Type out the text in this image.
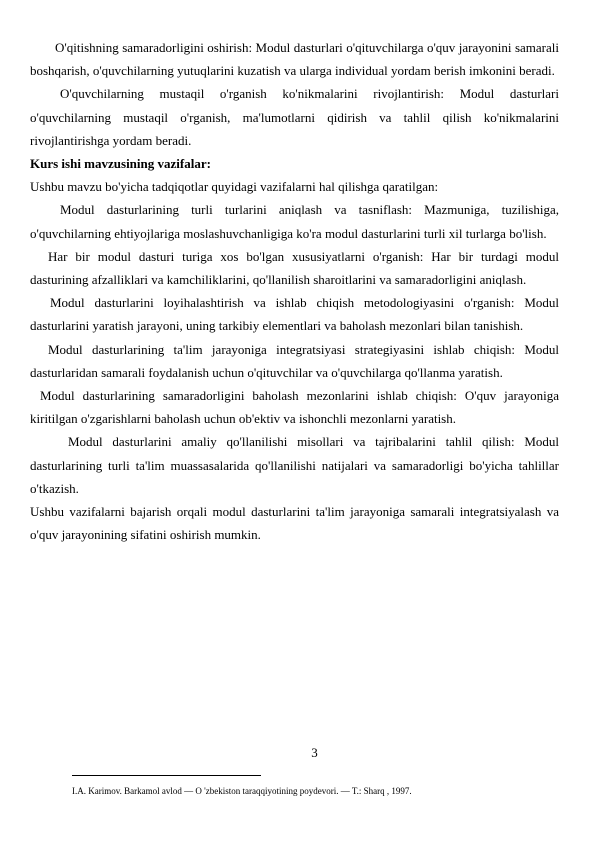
O'qitishning samaradorligini oshirish: Modul dasturlari o'qituvchilarga o'quv jarayonini samarali boshqarish, o'quvchilarning yutuqlarini kuzatish va ularga individual yordam berish imkonini beradi.

O'quvchilarning mustaqil o'rganish ko'nikmalarini rivojlantirish: Modul dasturlari o'quvchilarning mustaqil o'rganish, ma'lumotlarni qidirish va tahlil qilish ko'nikmalarini rivojlantirishga yordam beradi.

Kurs ishi mavzusining vazifalar:

Ushbu mavzu bo'yicha tadqiqotlar quyidagi vazifalarni hal qilishga qaratilgan:

Modul dasturlarining turli turlarini aniqlash va tasniflash: Mazmuniga, tuzilishiga, o'quvchilarning ehtiyojlariga moslashuvchanligiga ko'ra modul dasturlarini turli xil turlarga bo'lish.

Har bir modul dasturi turiga xos bo'lgan xususiyatlarni o'rganish: Har bir turdagi modul dasturining afzalliklari va kamchiliklarini, qo'llanilish sharoitlarini va samaradorligini aniqlash.

Modul dasturlarini loyihalashtirish va ishlab chiqish metodologiyasini o'rganish: Modul dasturlarini yaratish jarayoni, uning tarkibiy elementlari va baholash mezonlari bilan tanishish.

Modul dasturlarining ta'lim jarayoniga integratsiyasi strategiyasini ishlab chiqish: Modul dasturlaridan samarali foydalanish uchun o'qituvchilar va o'quvchilarga qo'llanma yaratish.

Modul dasturlarining samaradorligini baholash mezonlarini ishlab chiqish: O'quv jarayoniga kiritilgan o'zgarishlarni baholash uchun ob'ektiv va ishonchli mezonlarni yaratish.

Modul dasturlarini amaliy qo'llanilishi misollari va tajribalarini tahlil qilish: Modul dasturlarining turli ta'lim muassasalarida qo'llanilishi natijalari va samaradorligi bo'yicha tahlillar o'tkazish.

Ushbu vazifalarni bajarish orqali modul dasturlarini ta'lim jarayoniga samarali integratsiyalash va o'quv jarayonining sifatini oshirish mumkin.

3
I.A. Karimov. Barkamol avlod — O 'zbekiston taraqqiyotining poydevori. — T.: Sharq , 1997.
